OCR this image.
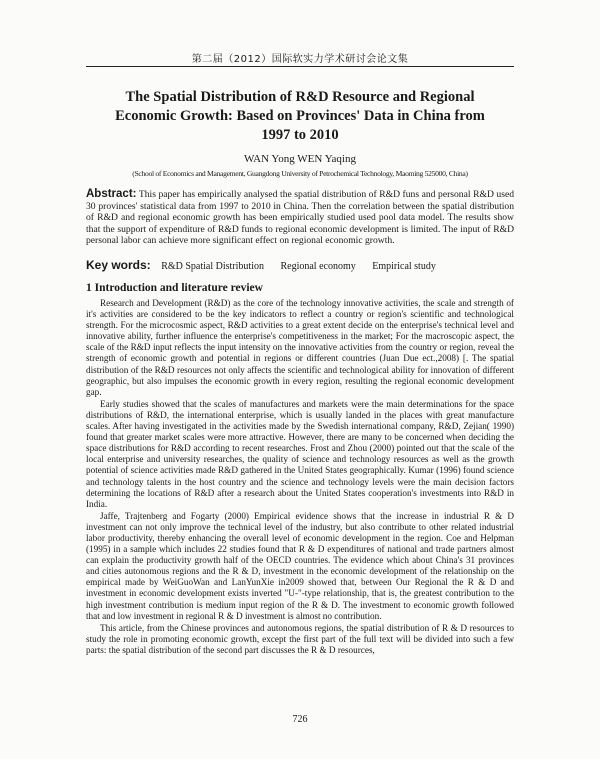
第二届（2012）国际软实力学术研讨会论文集
The Spatial Distribution of R&D Resource and Regional Economic Growth: Based on Provinces' Data in China from 1997 to 2010
WAN Yong WEN Yaqing
(School of Economics and Management, Guangdong University of Petrochemical Technology, Maoming 525000, China)

Abstract: This paper has empirically analysed the spatial distribution of R&D funs and personal R&D used 30 provinces' statistical data from 1997 to 2010 in China. Then the correlation between the spatial distribution of R&D and regional economic growth has been empirically studied used pool data model. The results show that the support of expenditure of R&D funds to regional economic development is limited. The input of R&D personal labor can achieve more significant effect on regional economic growth.

Key words: R&D Spatial Distribution Regional economy Empirical study
1 Introduction and literature review

Research and Development (R&D) as the core of the technology innovative activities, the scale and strength of it's activities are considered to be the key indicators to reflect a country or region's scientific and technological strength. For the microcosmic aspect, R&D activities to a great extent decide on the enterprise's technical level and innovative ability, further influence the enterprise's competitiveness in the market; For the macroscopic aspect, the scale of the R&D input reflects the input intensity on the innovative activities from the country or region, reveal the strength of economic growth and potential in regions or different countries (Juan Due ect.,2008) [. The spatial distribution of the R&D resources not only affects the scientific and technological ability for innovation of different geographic, but also impulses the economic growth in every region, resulting the regional economic development gap.

Early studies showed that the scales of manufactures and markets were the main determinations for the space distributions of R&D, the international enterprise, which is usually landed in the places with great manufacture scales. After having investigated in the activities made by the Swedish international company, R&D, Zejian( 1990) found that greater market scales were more attractive. However, there are many to be concerned when deciding the space distributions for R&D according to recent researches. Frost and Zhou (2000) pointed out that the scale of the local enterprise and university researches, the quality of science and technology resources as well as the growth potential of science activities made R&D gathered in the United States geographically. Kumar (1996) found science and technology talents in the host country and the science and technology levels were the main decision factors determining the locations of R&D after a research about the United States cooperation's investments into R&D in India.

Jaffe, Trajtenberg and Fogarty (2000) Empirical evidence shows that the increase in industrial R & D investment can not only improve the technical level of the industry, but also contribute to other related industrial labor productivity, thereby enhancing the overall level of economic development in the region. Coe and Helpman (1995) in a sample which includes 22 studies found that R & D expenditures of national and trade partners almost can explain the productivity growth half of the OECD countries. The evidence which about China's 31 provinces and cities autonomous regions and the R & D, investment in the economic development of the relationship on the empirical made by WeiGuoWan and LanYunXie in2009 showed that, between Our Regional the R & D and investment in economic development exists inverted "U-"-type relationship, that is, the greatest contribution to the high investment contribution is medium input region of the R & D. The investment to economic growth followed that and low investment in regional R & D investment is almost no contribution.

This article, from the Chinese provinces and autonomous regions, the spatial distribution of R & D resources to study the role in promoting economic growth, except the first part of the full text will be divided into such a few parts: the spatial distribution of the second part discusses the R & D resources,

726
